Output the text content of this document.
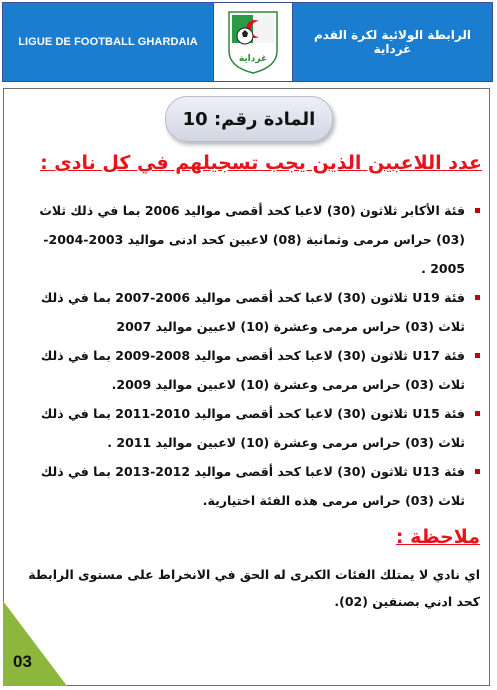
LIGUE DE FOOTBALL GHARDAIA
غرداية
الرابطة الولائية لكرة القدم غرداية
المادة رقم: 10
عدد اللاعبين الذين يجب تسجيلهم في كل نادى :
فئة الأكابر ثلاثون (30) لاعبا كحد أقصى مواليد 2006 بما في ذلك ثلاث (03) حراس مرمى وثمانية (08) لاعبين كحد ادنى مواليد 2003-2004-2005 .
فئة U19 ثلاثون (30) لاعبا كحد أقصى مواليد 2006-2007 بما في ذلك ثلاث (03) حراس مرمى وعشرة (10) لاعبين مواليد 2007
فئة U17 ثلاثون (30) لاعبا كحد أقصى مواليد 2008-2009 بما في ذلك ثلاث (03) حراس مرمى وعشرة (10) لاعبين مواليد 2009.
فئة U15 ثلاثون (30) لاعبا كحد أقصى مواليد 2010-2011 بما في ذلك ثلاث (03) حراس مرمى وعشرة (10) لاعبين مواليد 2011 .
فئة U13 ثلاثون (30) لاعبا كحد أقصى مواليد 2012-2013 بما في ذلك ثلاث (03) حراس مرمى هذه الفئة اختيارية.
ملاحظة :
اي نادي لا يمتلك الفئات الكبرى له الحق في الانخراط على مستوى الرابطة كحد ادني بصنفين (02).
03
